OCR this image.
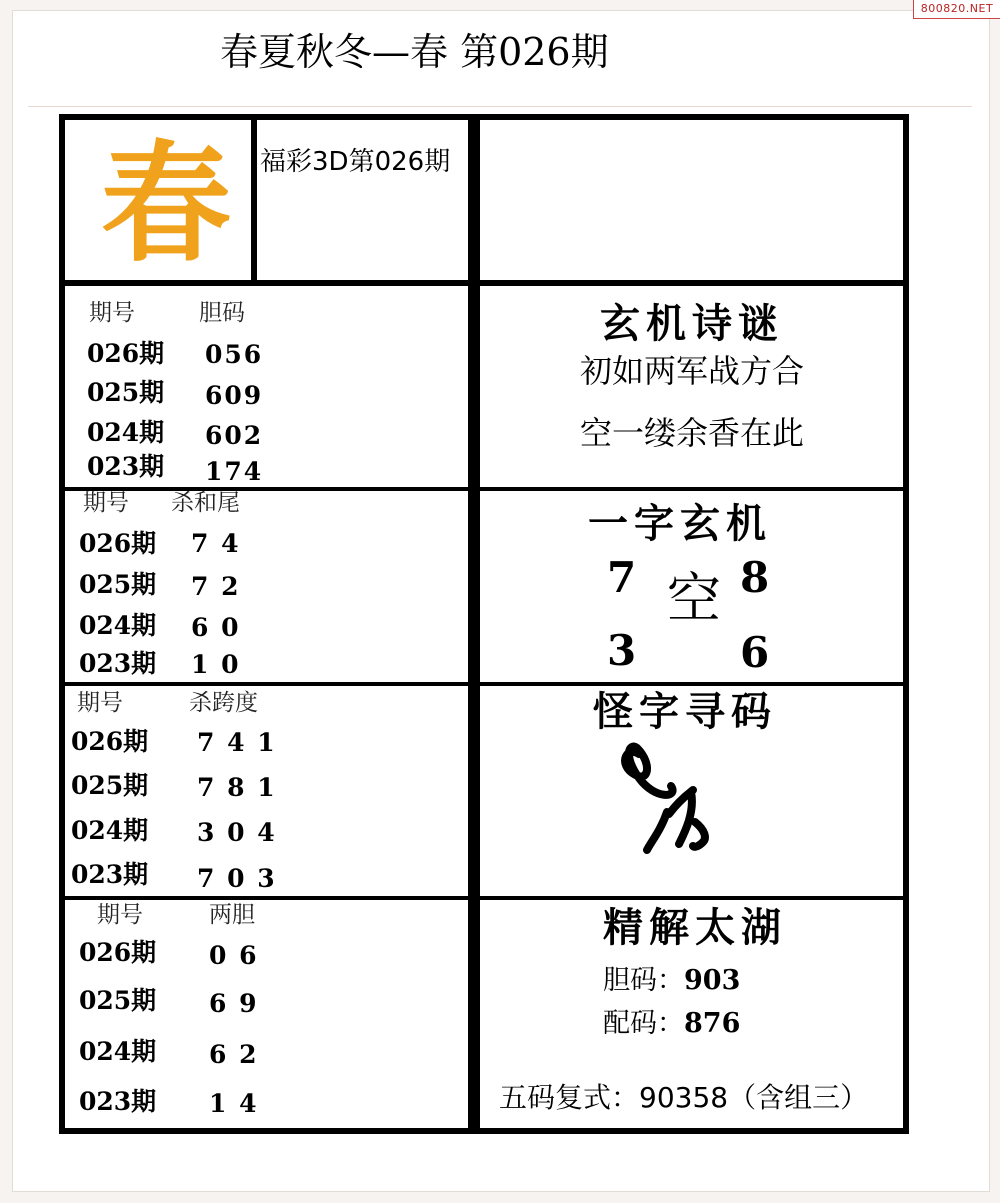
800820.NET
春夏秋冬—春 第026期
春	福彩3D第026期
期号	胆码
026期 056
025期 609
024期 602
023期 174
期号 杀和尾
026期 7 4
025期 7 2
024期 6 0
023期 1 0
期号	杀跨度
026期 7 4 1
025期 7 8 1
024期 3 0 4
023期 7 0 3
期号	两胆
026期 0 6
025期 6 9
024期 6 2
023期 1 4
玄机诗谜
初如两军战方合
空一缕余香在此
一字玄机
7 8
空
3 6
怪字寻码
精解太湖
胆码：903
配码：876
五码复式：90358（含组三）
